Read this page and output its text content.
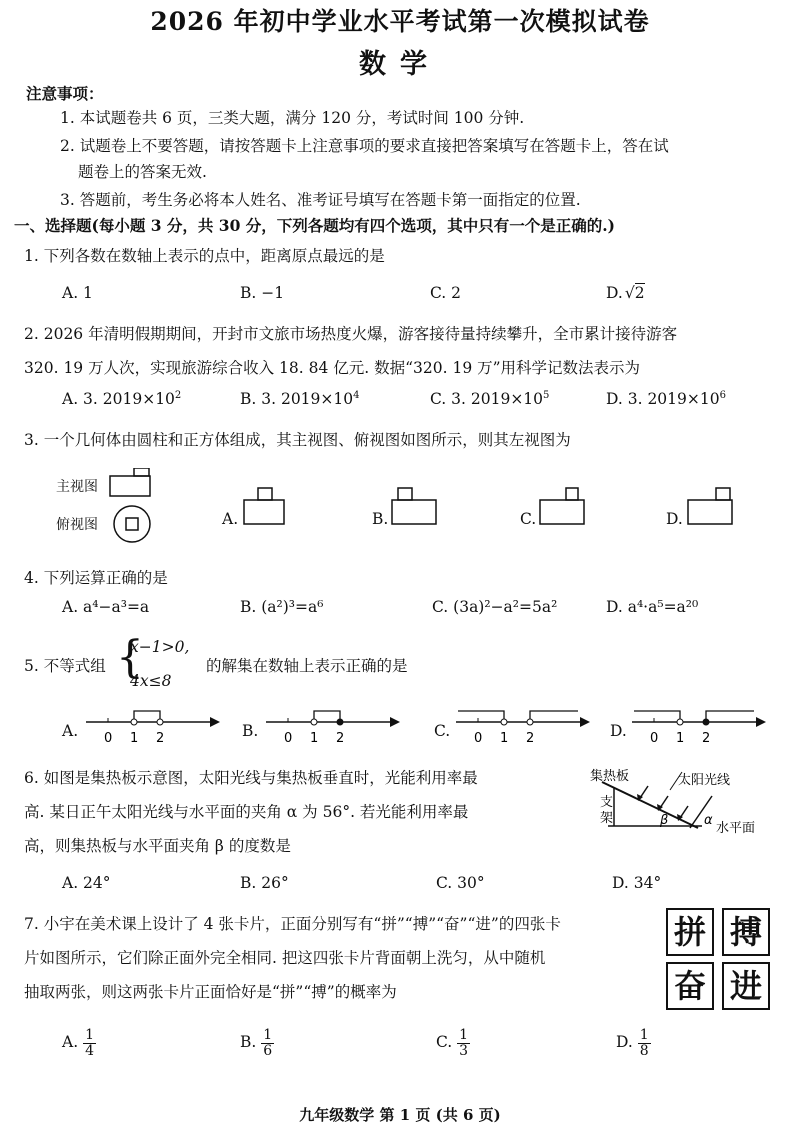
2026 年初中学业水平考试第一次模拟试卷
数学
注意事项：
1. 本试题卷共 6 页，三类大题，满分 120 分，考试时间 100 分钟.
2. 试题卷上不要答题，请按答题卡上注意事项的要求直接把答案填写在答题卡上，答在试
题卷上的答案无效.
3. 答题前，考生务必将本人姓名、准考证号填写在答题卡第一面指定的位置.
一、选择题(每小题 3 分，共 30 分，下列各题均有四个选项，其中只有一个是正确的.)
1. 下列各数在数轴上表示的点中，距离原点最远的是
A. 1	B. −1	C. 2	D. √2
2. 2026 年清明假期期间，开封市文旅市场热度火爆，游客接待量持续攀升，全市累计接待游客
320. 19 万人次，实现旅游综合收入 18. 84 亿元. 数据“320. 19 万”用科学记数法表示为
A. 3. $2019\times 10^2$	B. 3. $2019\times 10^4$	C. 3. $2019\times 10^5$	D. 3. $2019\times 10^6$
3. 一个几何体由圆柱和正方体组成，其主视图、俯视图如图所示，则其左视图为
主视图
俯视图	A.	B.	C.	D.
4. 下列运算正确的是
A. a⁴−a³=a	B. (a²)³=a⁶	C. (3a)²−a²=5a²	D. a⁴·a⁵=a²⁰
5. 不等式组 {
x−1>0,
4x≤8
的解集在数轴上表示正确的是
A. 0 1 2	B. 0 1 2	C. 0 1 2	D. 0 1 2
6. 如图是集热板示意图，太阳光线与集热板垂直时，光能利用率最
高. 某日正午太阳光线与水平面的夹角 α 为 56°. 若光能利用率最
高，则集热板与水平面夹角 β 的度数是
集热板	太阳光线
支
架	β	α
水平面
A. 24°	B. 26°	C. 30°	D. 34°
7. 小宇在美术课上设计了 4 张卡片，正面分别写有“拼”“搏”“奋”“进”的四张卡
片如图所示，它们除正面外完全相同. 把这四张卡片背面朝上洗匀，从中随机
抽取两张，则这两张卡片正面恰好是“拼”“搏”的概率为
拼 搏
奋 进
A. $\frac{1}{4}$	B. $\frac{1}{6}$	C. $\frac{1}{3}$	D. $\frac{1}{8}$
九年级数学 第 1 页 (共 6 页)
